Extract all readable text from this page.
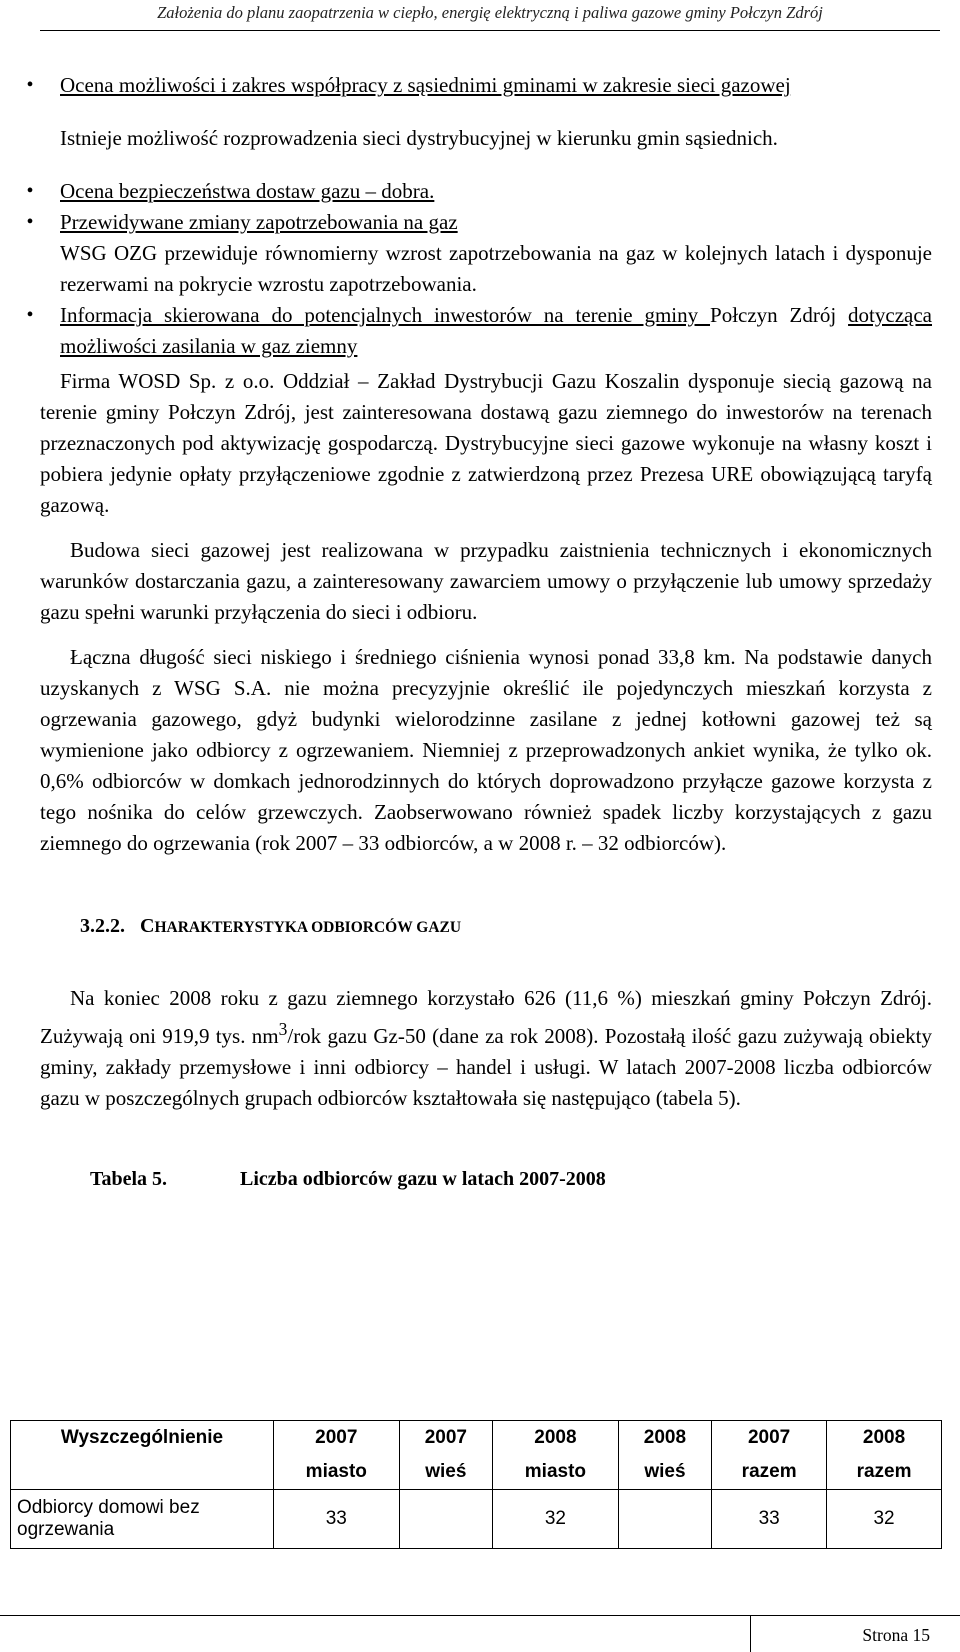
Założenia do planu zaopatrzenia w ciepło, energię elektryczną i paliwa gazowe gminy Połczyn Zdrój
•	Ocena możliwości i zakres współpracy z sąsiednimi gminami w zakresie sieci gazowej

Istnieje możliwość rozprowadzenia sieci dystrybucyjnej w kierunku gmin sąsiednich.

•	Ocena bezpieczeństwa dostaw gazu – dobra.

•	Przewidywane zmiany zapotrzebowania na gaz

WSG OZG przewiduje równomierny wzrost zapotrzebowania na gaz w kolejnych latach i dysponuje rezerwami na pokrycie wzrostu zapotrzebowania.

•	Informacja skierowana do potencjalnych inwestorów na terenie gminy Połczyn Zdrój dotycząca możliwości zasilania w gaz ziemny

Firma WOSD Sp. z o.o. Oddział – Zakład Dystrybucji Gazu Koszalin dysponuje siecią gazową na terenie gminy Połczyn Zdrój, jest zainteresowana dostawą gazu ziemnego do inwestorów na terenach przeznaczonych pod aktywizację gospodarczą. Dystrybucyjne sieci gazowe wykonuje na własny koszt i pobiera jedynie opłaty przyłączeniowe zgodnie z zatwierdzoną przez Prezesa URE obowiązującą taryfą gazową.

Budowa sieci gazowej jest realizowana w przypadku zaistnienia technicznych i ekonomicznych warunków dostarczania gazu, a zainteresowany zawarciem umowy o przyłączenie lub umowy sprzedaży gazu spełni warunki przyłączenia do sieci i odbioru.

Łączna długość sieci niskiego i średniego ciśnienia wynosi ponad 33,8 km. Na podstawie danych uzyskanych z WSG S.A. nie można precyzyjnie określić ile pojedynczych mieszkań korzysta z ogrzewania gazowego, gdyż budynki wielorodzinne zasilane z jednej kotłowni gazowej też są wymienione jako odbiorcy z ogrzewaniem. Niemniej z przeprowadzonych ankiet wynika, że tylko ok. 0,6% odbiorców w domkach jednorodzinnych do których doprowadzono przyłącze gazowe korzysta z tego nośnika do celów grzewczych. Zaobserwowano również spadek liczby korzystających z gazu ziemnego do ogrzewania (rok 2007 – 33 odbiorców, a w 2008 r. – 32 odbiorców).

3.2.2. CHARAKTERYSTYKA ODBIORCÓW GAZU

Na koniec 2008 roku z gazu ziemnego korzystało 626 (11,6 %) mieszkań gminy Połczyn Zdrój. Zużywają oni 919,9 tys. $nm^3$/rok gazu Gz-50 (dane za rok 2008). Pozostałą ilość gazu zużywają obiekty gminy, zakłady przemysłowe i inni odbiorcy – handel i usługi. W latach 2007-2008 liczba odbiorców gazu w poszczególnych grupach odbiorców kształtowała się następująco (tabela 5).

Tabela 5.	Liczba odbiorców gazu w latach 2007-2008

Wyszczególnienie	2007	2007	2008	2008	2007	2008
	miasto	wieś	miasto	wieś	razem	razem
Odbiorcy domowi bez ogrzewania	33		32		33	32
Strona 15
